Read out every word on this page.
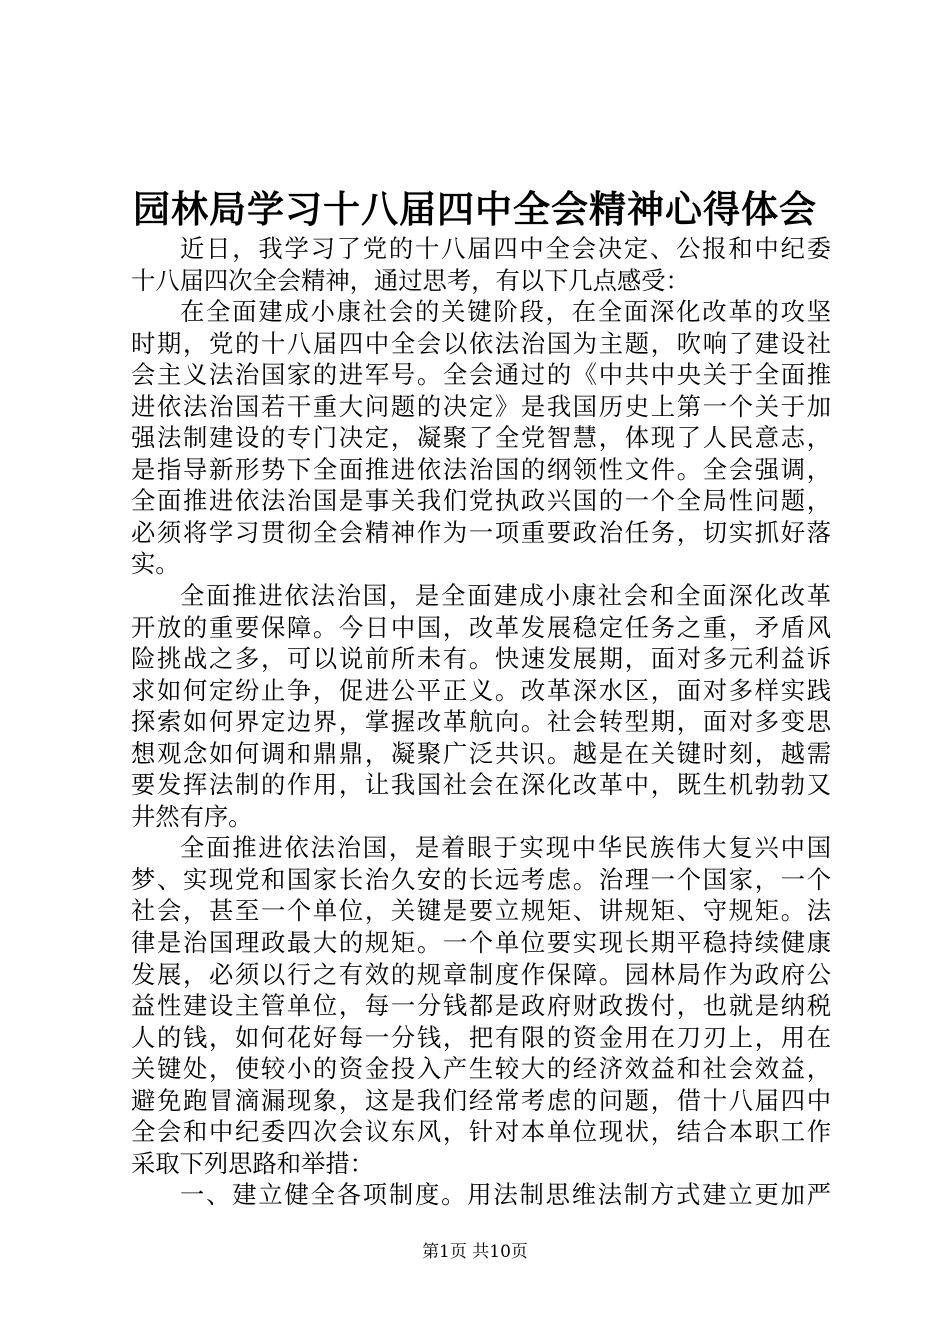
园林局学习十八届四中全会精神心得体会
近日，我学习了党的十八届四中全会决定、公报和中纪委
十八届四次全会精神，通过思考，有以下几点感受：
在全面建成小康社会的关键阶段，在全面深化改革的攻坚
时期，党的十八届四中全会以依法治国为主题，吹响了建设社
会主义法治国家的进军号。全会通过的《中共中央关于全面推
进依法治国若干重大问题的决定》是我国历史上第一个关于加
强法制建设的专门决定，凝聚了全党智慧，体现了人民意志，
是指导新形势下全面推进依法治国的纲领性文件。全会强调，
全面推进依法治国是事关我们党执政兴国的一个全局性问题，
必须将学习贯彻全会精神作为一项重要政治任务，切实抓好落
实。
全面推进依法治国，是全面建成小康社会和全面深化改革
开放的重要保障。今日中国，改革发展稳定任务之重，矛盾风
险挑战之多，可以说前所未有。快速发展期，面对多元利益诉
求如何定纷止争，促进公平正义。改革深水区，面对多样实践
探索如何界定边界，掌握改革航向。社会转型期，面对多变思
想观念如何调和鼎鼎，凝聚广泛共识。越是在关键时刻，越需
要发挥法制的作用，让我国社会在深化改革中，既生机勃勃又
井然有序。
全面推进依法治国，是着眼于实现中华民族伟大复兴中国
梦、实现党和国家长治久安的长远考虑。治理一个国家，一个
社会，甚至一个单位，关键是要立规矩、讲规矩、守规矩。法
律是治国理政最大的规矩。一个单位要实现长期平稳持续健康
发展，必须以行之有效的规章制度作保障。园林局作为政府公
益性建设主管单位，每一分钱都是政府财政拨付，也就是纳税
人的钱，如何花好每一分钱，把有限的资金用在刀刃上，用在
关键处，使较小的资金投入产生较大的经济效益和社会效益，
避免跑冒滴漏现象，这是我们经常考虑的问题，借十八届四中
全会和中纪委四次会议东风，针对本单位现状，结合本职工作
采取下列思路和举措：
一、建立健全各项制度。用法制思维法制方式建立更加严
第1页 共10页
